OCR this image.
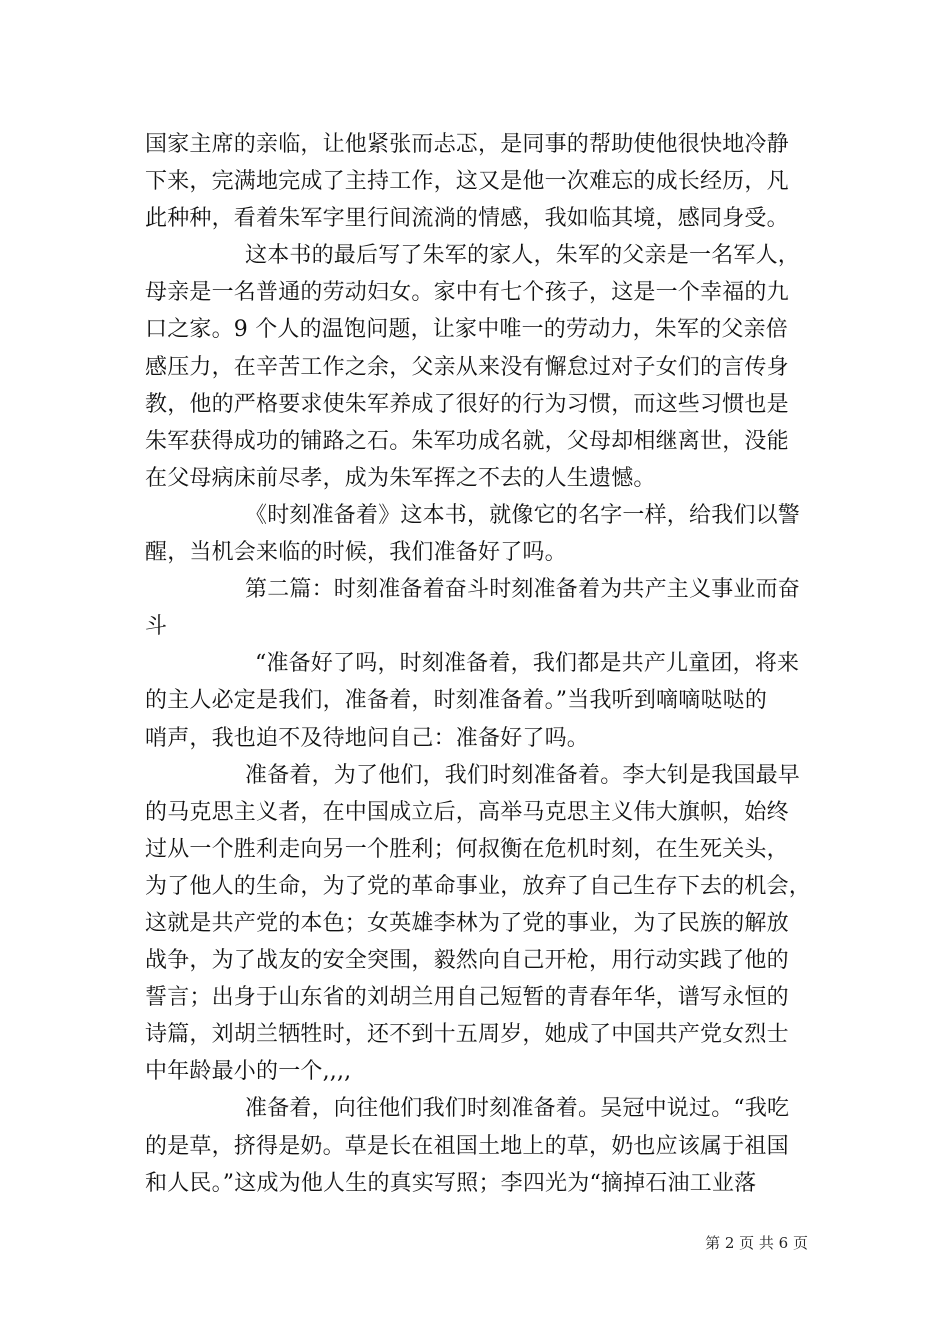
国家主席的亲临，让他紧张而忐忑，是同事的帮助使他很快地冷静
下来，完满地完成了主持工作，这又是他一次难忘的成长经历，凡
此种种，看着朱军字里行间流淌的情感，我如临其境，感同身受。
这本书的最后写了朱军的家人，朱军的父亲是一名军人，
母亲是一名普通的劳动妇女。家中有七个孩子，这是一个幸福的九
口之家。9 个人的温饱问题，让家中唯一的劳动力，朱军的父亲倍
感压力，在辛苦工作之余，父亲从来没有懈怠过对子女们的言传身
教，他的严格要求使朱军养成了很好的行为习惯，而这些习惯也是
朱军获得成功的铺路之石。朱军功成名就，父母却相继离世，没能
在父母病床前尽孝，成为朱军挥之不去的人生遗憾。
《时刻准备着》这本书，就像它的名字一样，给我们以警
醒，当机会来临的时候，我们准备好了吗。
第二篇：时刻准备着奋斗时刻准备着为共产主义事业而奋
斗
“准备好了吗，时刻准备着，我们都是共产儿童团，将来
的主人必定是我们，准备着，时刻准备着。”当我听到嘀嘀哒哒的
哨声，我也迫不及待地问自己：准备好了吗。
准备着，为了他们，我们时刻准备着。李大钊是我国最早
的马克思主义者，在中国成立后，高举马克思主义伟大旗帜，始终
过从一个胜利走向另一个胜利；何叔衡在危机时刻，在生死关头，
为了他人的生命，为了党的革命事业，放弃了自己生存下去的机会，
这就是共产党的本色；女英雄李林为了党的事业，为了民族的解放
战争，为了战友的安全突围，毅然向自己开枪，用行动实践了他的
誓言；出身于山东省的刘胡兰用自己短暂的青春年华，谱写永恒的
诗篇，刘胡兰牺牲时，还不到十五周岁，她成了中国共产党女烈士
中年龄最小的一个,,,,
准备着，向往他们我们时刻准备着。吴冠中说过。“我吃
的是草，挤得是奶。草是长在祖国土地上的草，奶也应该属于祖国
和人民。”这成为他人生的真实写照；李四光为“摘掉石油工业落
第 2 页 共 6 页
